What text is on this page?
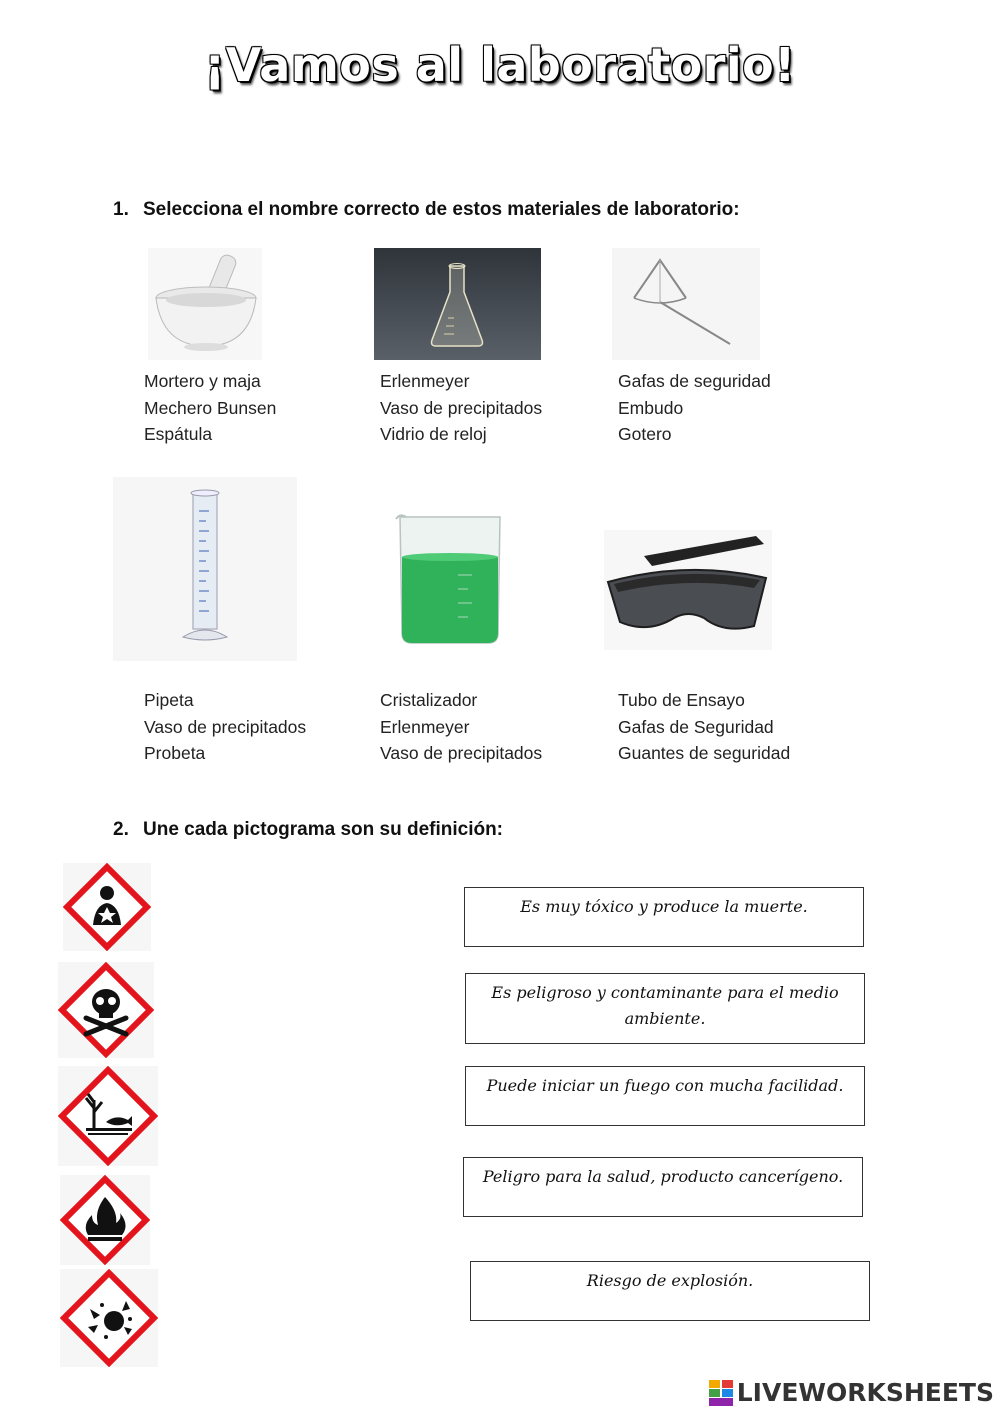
¡Vamos al laboratorio!
1. Selecciona el nombre correcto de estos materiales de laboratorio:
Mortero y maja
Mechero Bunsen
Espátula
Erlenmeyer
Vaso de precipitados
Vidrio de reloj
Gafas de seguridad
Embudo
Gotero
Pipeta
Vaso de precipitados
Probeta
Cristalizador
Erlenmeyer
Vaso de precipitados
Tubo de Ensayo
Gafas de Seguridad
Guantes de seguridad
2. Une cada pictograma son su definición:
Es muy tóxico y produce la muerte.
Es peligroso y contaminante para el medio ambiente.
Puede iniciar un fuego con mucha facilidad.
Peligro para la salud, producto cancerígeno.
Riesgo de explosión.
LIVEWORKSHEETS
